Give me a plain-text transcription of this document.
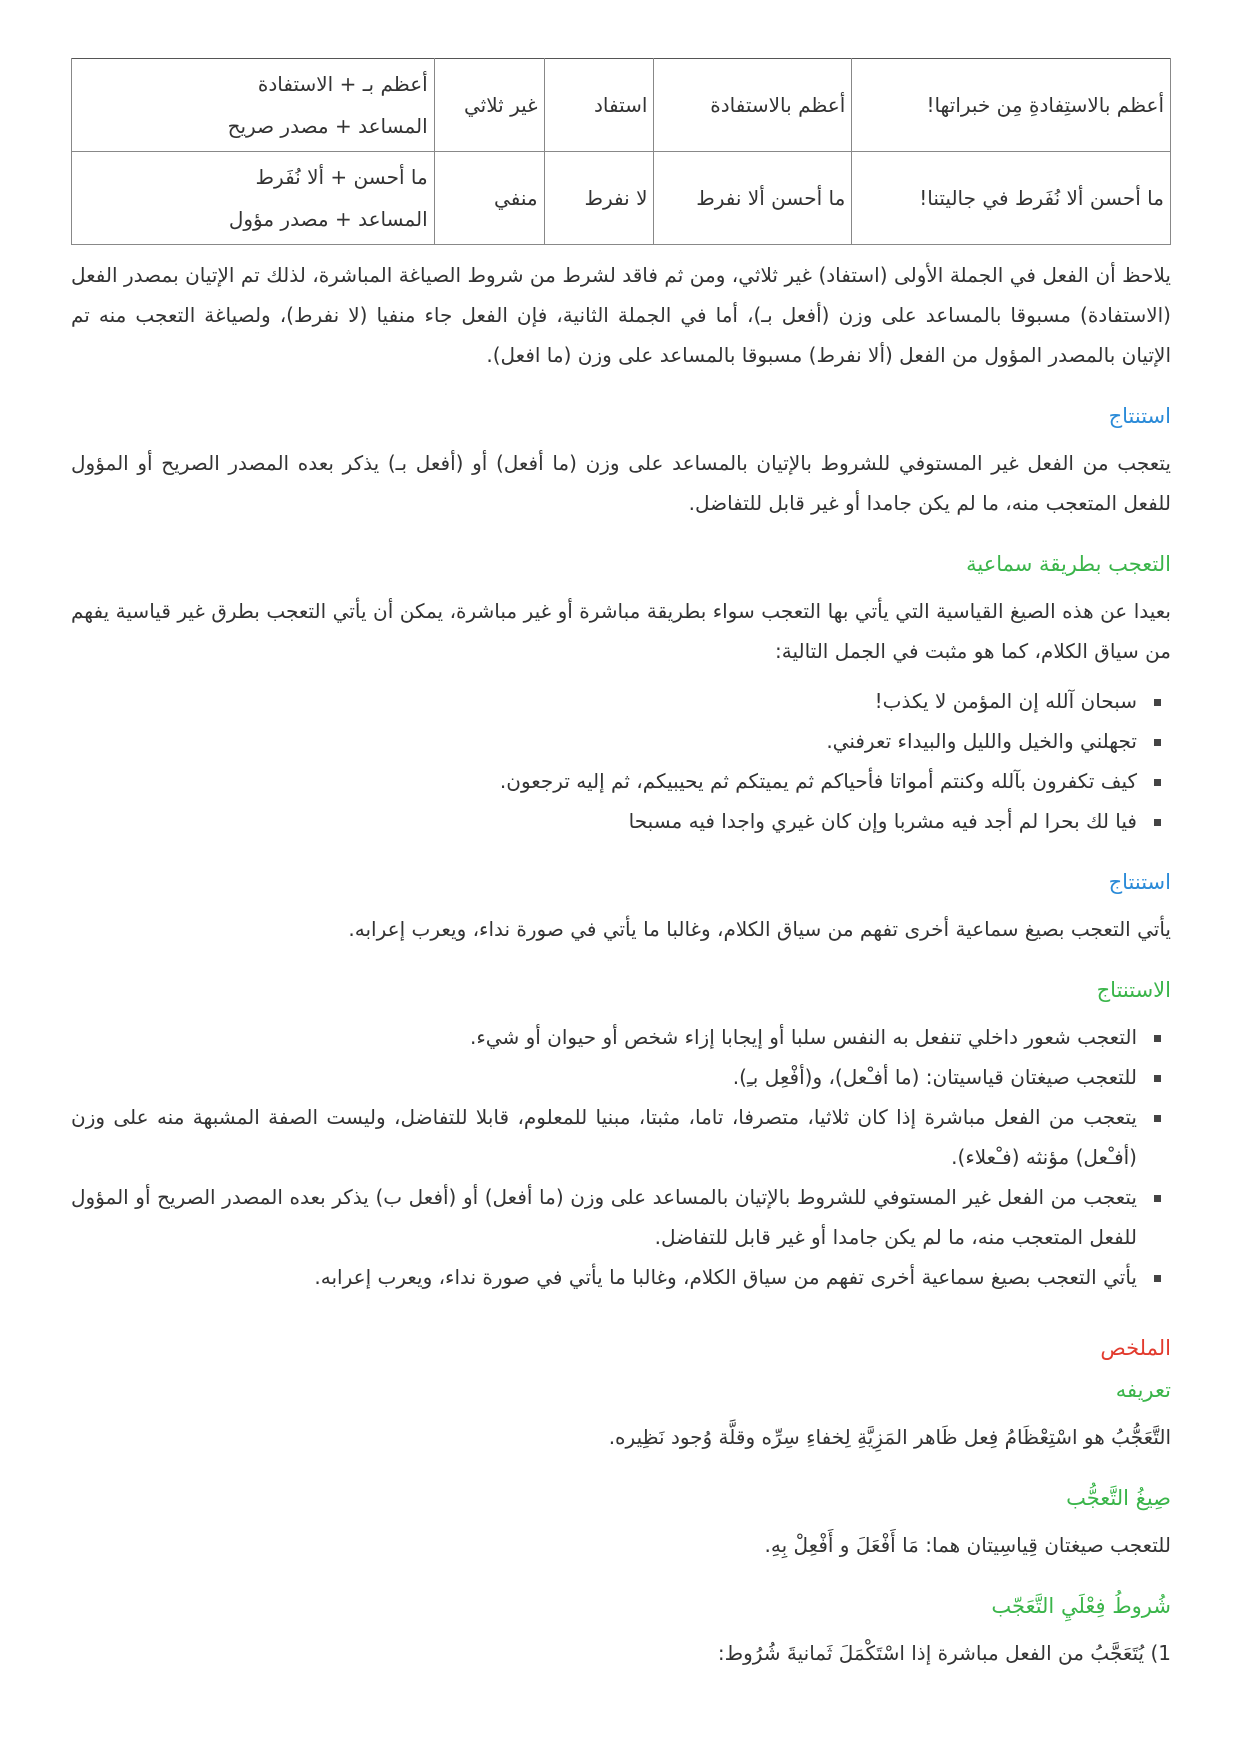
أعظم بالاستِفادةِ مِن خبراتها!	أعظم بالاستفادة	استفاد	غير ثلاثي	أعظم بـ + الاستفادة
المساعد + مصدر صريح

ما أحسن ألا نُفَرط في جاليتنا!	ما أحسن ألا نفرط	لا نفرط	منفي	ما أحسن + ألا نُفَرط
المساعد + مصدر مؤول

يلاحظ أن الفعل في الجملة الأولى (استفاد) غير ثلاثي، ومن ثم فاقد لشرط من شروط الصياغة المباشرة، لذلك تم الإتيان بمصدر الفعل (الاستفادة) مسبوقا بالمساعد على وزن (أفعل بـ)، أما في الجملة الثانية، فإن الفعل جاء منفيا (لا نفرط)، ولصياغة التعجب منه تم الإتيان بالمصدر المؤول من الفعل (ألا نفرط) مسبوقا بالمساعد على وزن (ما افعل).

استنتاج

يتعجب من الفعل غير المستوفي للشروط بالإتيان بالمساعد على وزن (ما أفعل) أو (أفعل بـ) يذكر بعده المصدر الصريح أو المؤول للفعل المتعجب منه، ما لم يكن جامدا أو غير قابل للتفاضل.

التعجب بطريقة سماعية

بعيدا عن هذه الصيغ القياسية التي يأتي بها التعجب سواء بطريقة مباشرة أو غير مباشرة، يمكن أن يأتي التعجب بطرق غير قياسية يفهم من سياق الكلام، كما هو مثبت في الجمل التالية:

سبحان آلله إن المؤمن لا يكذب!
تجهلني والخيل والليل والبيداء تعرفني.
كيف تكفرون بآلله وكنتم أمواتا فأحياكم ثم يميتكم ثم يحيبيكم، ثم إليه ترجعون.
فيا لك بحرا لم أجد فيه مشربا وإن كان غيري واجدا فيه مسبحا
استنتاج

يأتي التعجب بصيغ سماعية أخرى تفهم من سياق الكلام، وغالبا ما يأتي في صورة نداء، ويعرب إعرابه.

الاستنتاج
التعجب شعور داخلي تنفعل به النفس سلبا أو إيجابا إزاء شخص أو حيوان أو شيء.
للتعجب صيغتان قياسيتان: (ما أفـْعل)، و(أفْعِل بـِ).
يتعجب من الفعل مباشرة إذا كان ثلاثيا، متصرفا، تاما، مثبتا، مبنيا للمعلوم، قابلا للتفاضل، وليست الصفة المشبهة منه على وزن (أفـْعل) مؤنثه (فـْعلاء).
يتعجب من الفعل غير المستوفي للشروط بالإتيان بالمساعد على وزن (ما أفعل) أو (أفعل ب) يذكر بعده المصدر الصريح أو المؤول للفعل المتعجب منه، ما لم يكن جامدا أو غير قابل للتفاضل.
يأتي التعجب بصيغ سماعية أخرى تفهم من سياق الكلام، وغالبا ما يأتي في صورة نداء، ويعرب إعرابه.
الملخص
تعريفه

التَّعَجُّبُ هو اسْتِعْظَامُ فِعل ظَاهر المَزِيَّةِ لِخفاءِ سِرِّه وقلَّة وُجود نَظِيره.

صِيغُ التَّعجُّب

للتعجب صيغتان قِياسِيتان هما: مَا أَفْعَلَ و أَفْعِلْ بِهِ.

شُروطُ فِعْلَيِ التَّعَجّب

1) يُتَعَجَّبُ من الفعل مباشرة إذا اسْتَكْمَلَ ثَمانيةَ شُرُوط:
